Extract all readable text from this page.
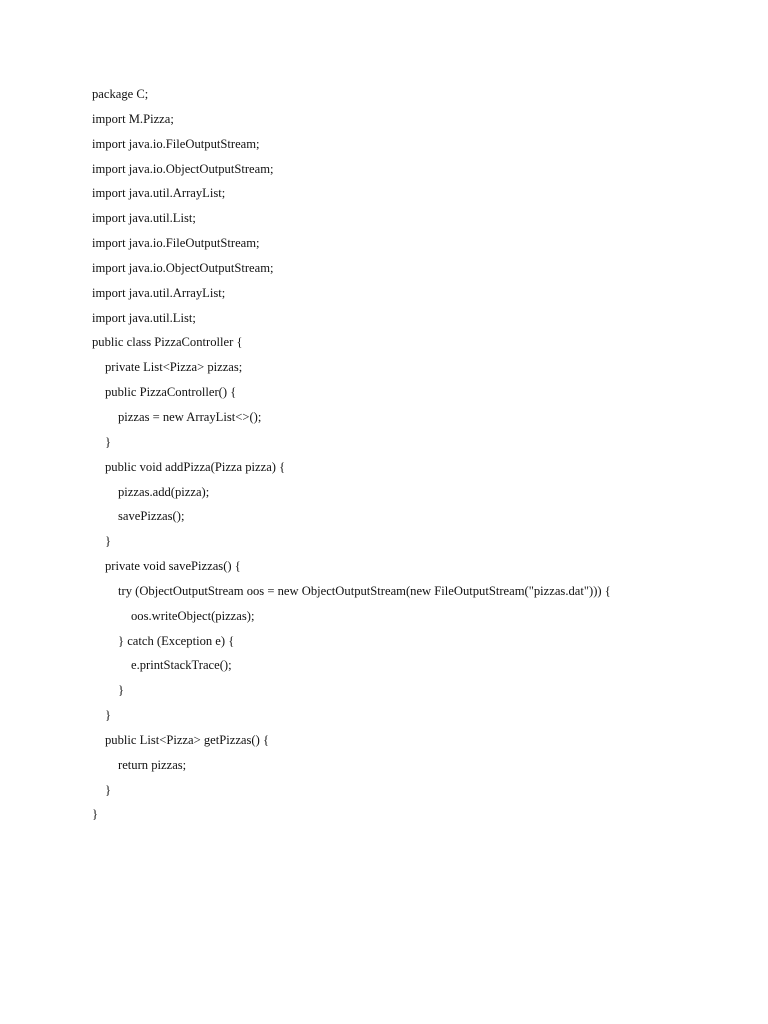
package C;
import M.Pizza;
import java.io.FileOutputStream;
import java.io.ObjectOutputStream;
import java.util.ArrayList;
import java.util.List;
import java.io.FileOutputStream;
import java.io.ObjectOutputStream;
import java.util.ArrayList;
import java.util.List;
public class PizzaController {
private List<Pizza> pizzas;
public PizzaController() {
pizzas = new ArrayList<>();
}
public void addPizza(Pizza pizza) {
pizzas.add(pizza);
savePizzas();
}
private void savePizzas() {
try (ObjectOutputStream oos = new ObjectOutputStream(new FileOutputStream("pizzas.dat"))) {
oos.writeObject(pizzas);
} catch (Exception e) {
e.printStackTrace();
}
}
public List<Pizza> getPizzas() {
return pizzas;
}
}
